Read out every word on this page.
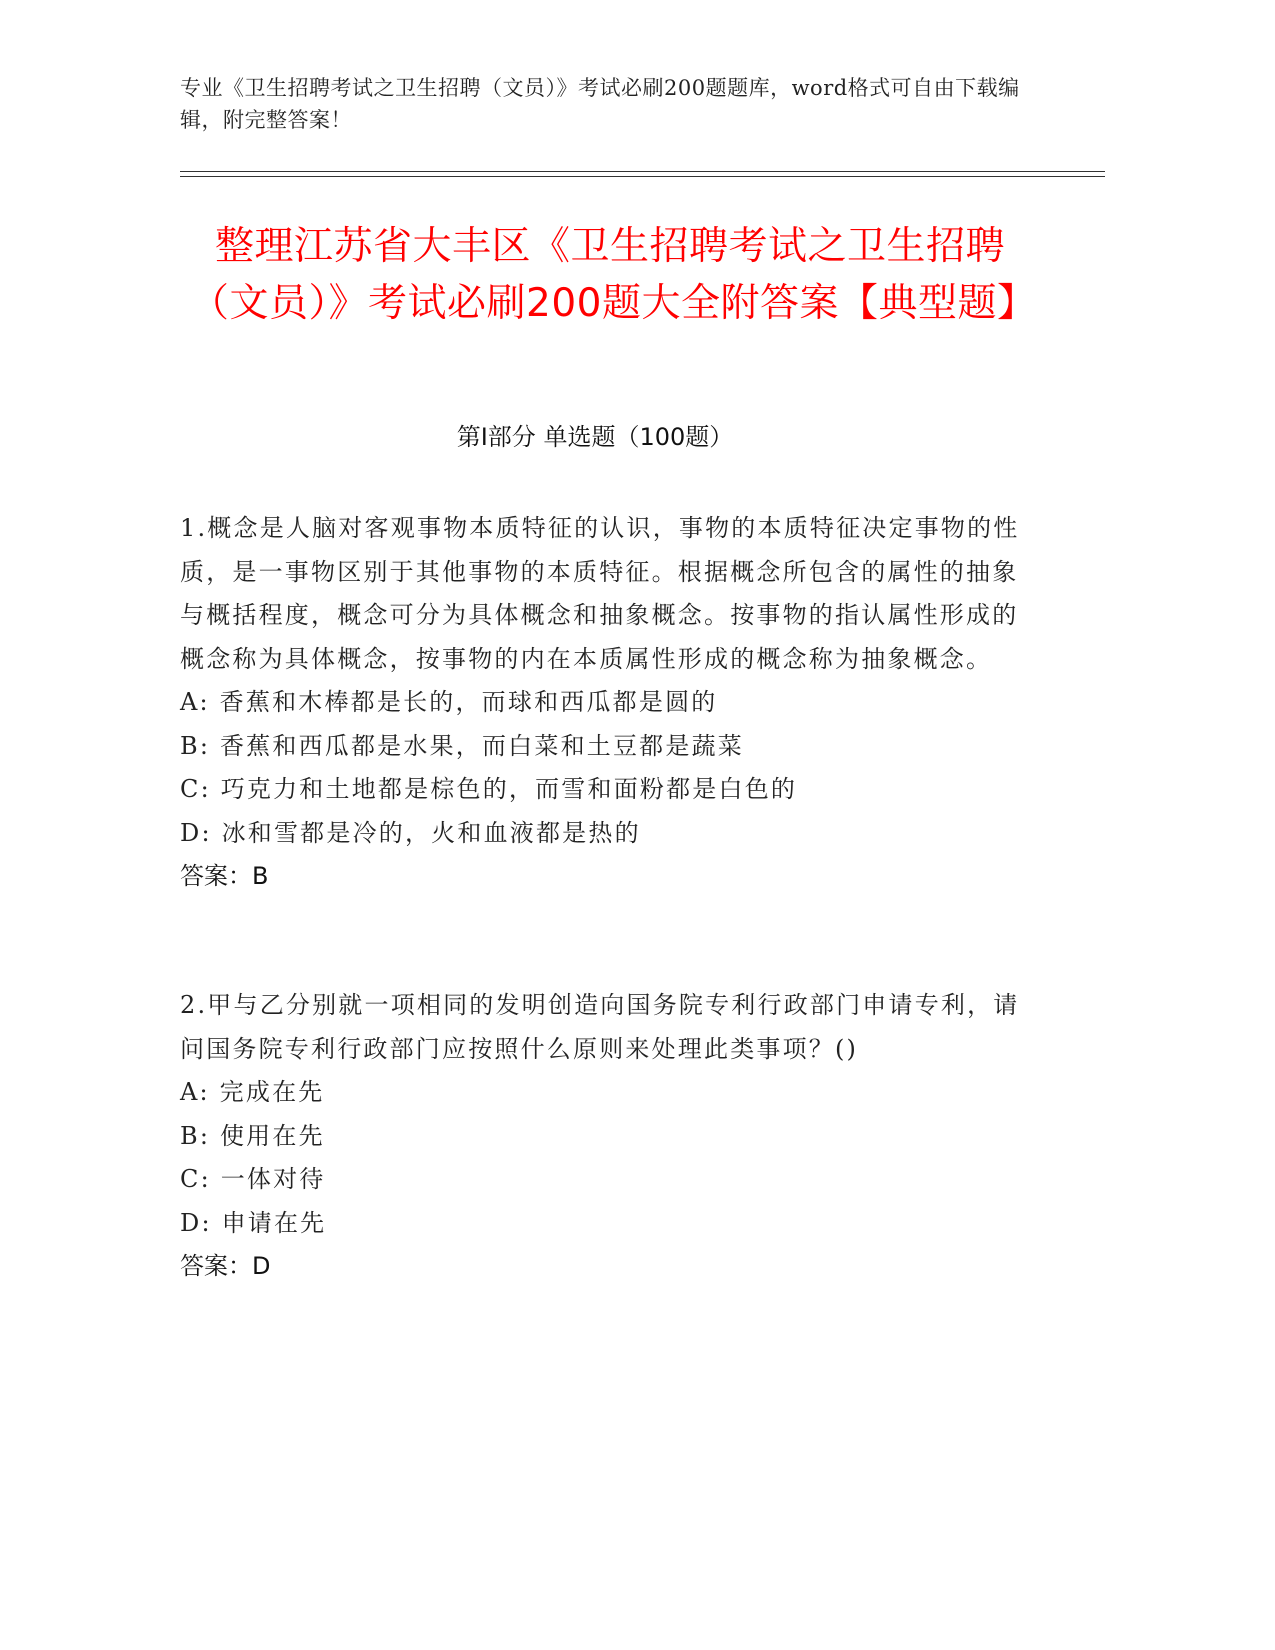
专业《卫生招聘考试之卫生招聘（文员）》考试必刷200题题库，word格式可自由下载编辑，附完整答案！
整理江苏省大丰区《卫生招聘考试之卫生招聘（文员）》考试必刷200题大全附答案【典型题】
第I部分 单选题（100题）

1.概念是人脑对客观事物本质特征的认识，事物的本质特征决定事物的性质，是一事物区别于其他事物的本质特征。根据概念所包含的属性的抽象与概括程度，概念可分为具体概念和抽象概念。按事物的指认属性形成的概念称为具体概念，按事物的内在本质属性形成的概念称为抽象概念。

A: 香蕉和木棒都是长的，而球和西瓜都是圆的

B: 香蕉和西瓜都是水果，而白菜和土豆都是蔬菜

C: 巧克力和土地都是棕色的，而雪和面粉都是白色的

D: 冰和雪都是冷的，火和血液都是热的

答案：B

2.甲与乙分别就一项相同的发明创造向国务院专利行政部门申请专利，请问国务院专利行政部门应按照什么原则来处理此类事项？()

A: 完成在先

B: 使用在先

C: 一体对待

D: 申请在先

答案：D
